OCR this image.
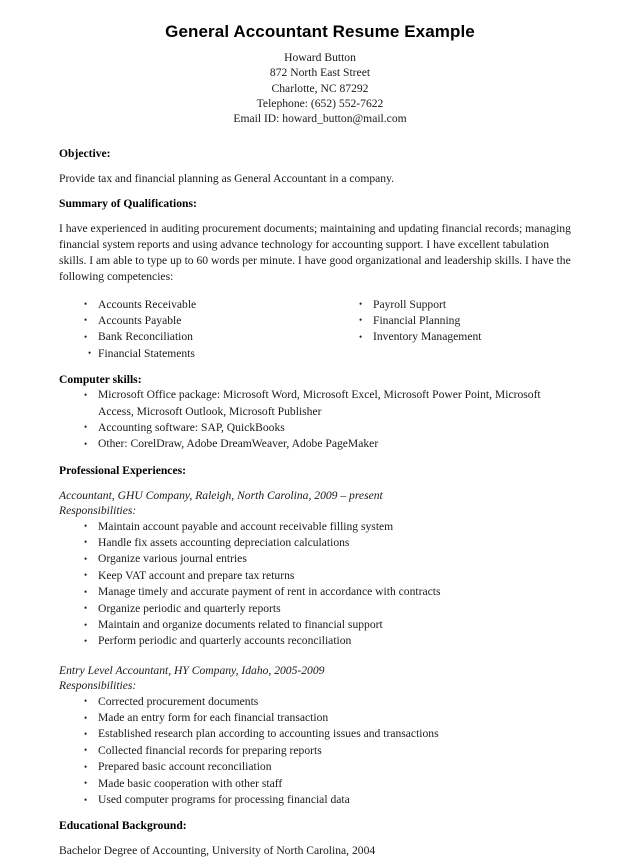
General Accountant Resume Example
Howard Button
872 North East Street
Charlotte, NC 87292
Telephone: (652) 552-7622
Email ID: howard_button@mail.com
Objective:

Provide tax and financial planning as General Accountant in a company.

Summary of Qualifications:

I have experienced in auditing procurement documents; maintaining and updating financial records; managing financial system reports and using advance technology for accounting support. I have excellent tabulation skills. I am able to type up to 60 words per minute. I have good organizational and leadership skills. I have the following competencies:

• Accounts Receivable
• Accounts Payable
• Bank Reconciliation
• Financial Statements
• Payroll Support
• Financial Planning
• Inventory Management
Computer skills:
• Microsoft Office package: Microsoft Word, Microsoft Excel, Microsoft Power Point, Microsoft Access, Microsoft Outlook, Microsoft Publisher
• Accounting software: SAP, QuickBooks
• Other: CorelDraw, Adobe DreamWeaver, Adobe PageMaker
Professional Experiences:
Accountant, GHU Company, Raleigh, North Carolina, 2009 – present
Responsibilities:
• Maintain account payable and account receivable filling system
• Handle fix assets accounting depreciation calculations
• Organize various journal entries
• Keep VAT account and prepare tax returns
• Manage timely and accurate payment of rent in accordance with contracts
• Organize periodic and quarterly reports
• Maintain and organize documents related to financial support
• Perform periodic and quarterly accounts reconciliation
Entry Level Accountant, HY Company, Idaho, 2005-2009
Responsibilities:
• Corrected procurement documents
• Made an entry form for each financial transaction
• Established research plan according to accounting issues and transactions
• Collected financial records for preparing reports
• Prepared basic account reconciliation
• Made basic cooperation with other staff
• Used computer programs for processing financial data
Educational Background:

Bachelor Degree of Accounting, University of North Carolina, 2004
